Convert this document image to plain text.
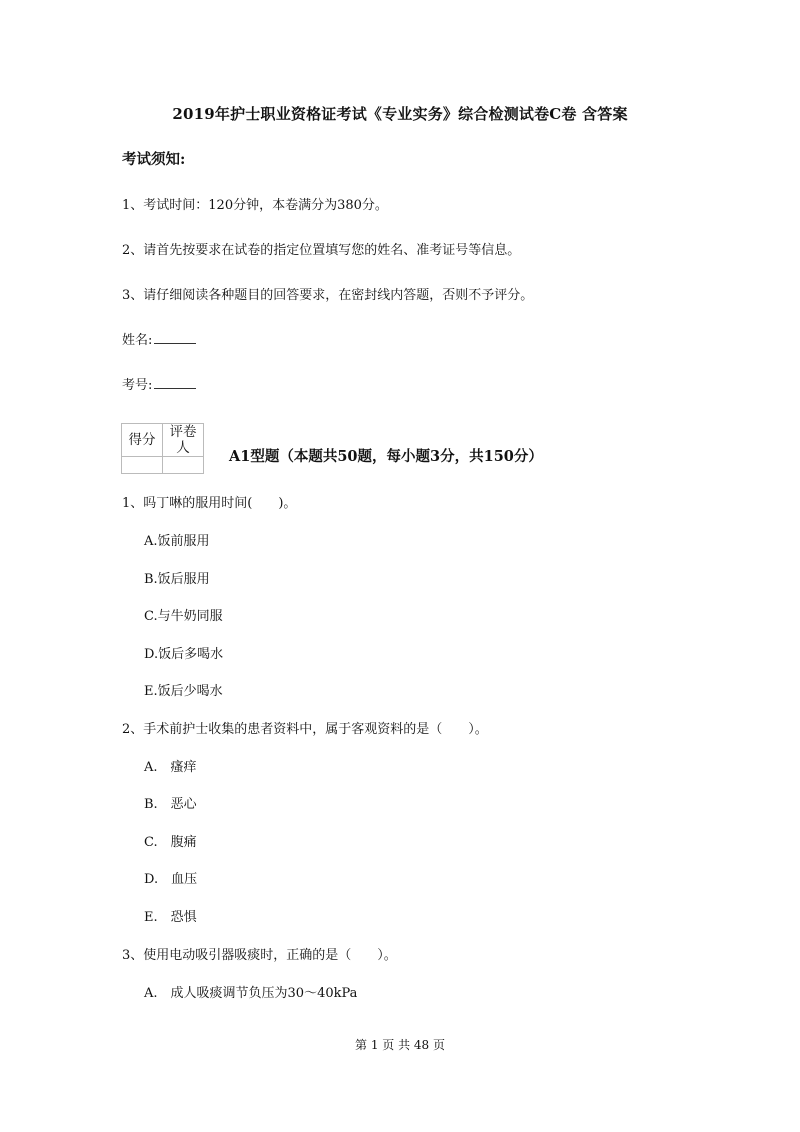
2019年护士职业资格证考试《专业实务》综合检测试卷C卷 含答案
考试须知:
1、考试时间：120分钟，本卷满分为380分。
2、请首先按要求在试卷的指定位置填写您的姓名、准考证号等信息。
3、请仔细阅读各种题目的回答要求，在密封线内答题，否则不予评分。
姓名:
考号:
得分	评卷人
		A1型题（本题共50题，每小题3分，共150分）
1、吗丁啉的服用时间(　　)。
A.饭前服用
B.饭后服用
C.与牛奶同服
D.饭后多喝水
E.饭后少喝水
2、手术前护士收集的患者资料中，属于客观资料的是（　　）。
A.　瘙痒
B.　恶心
C.　腹痛
D.　血压
E.　恐惧
3、使用电动吸引器吸痰时，正确的是（　　）。
A.　成人吸痰调节负压为30～40kPa
第 1 页 共 48 页
